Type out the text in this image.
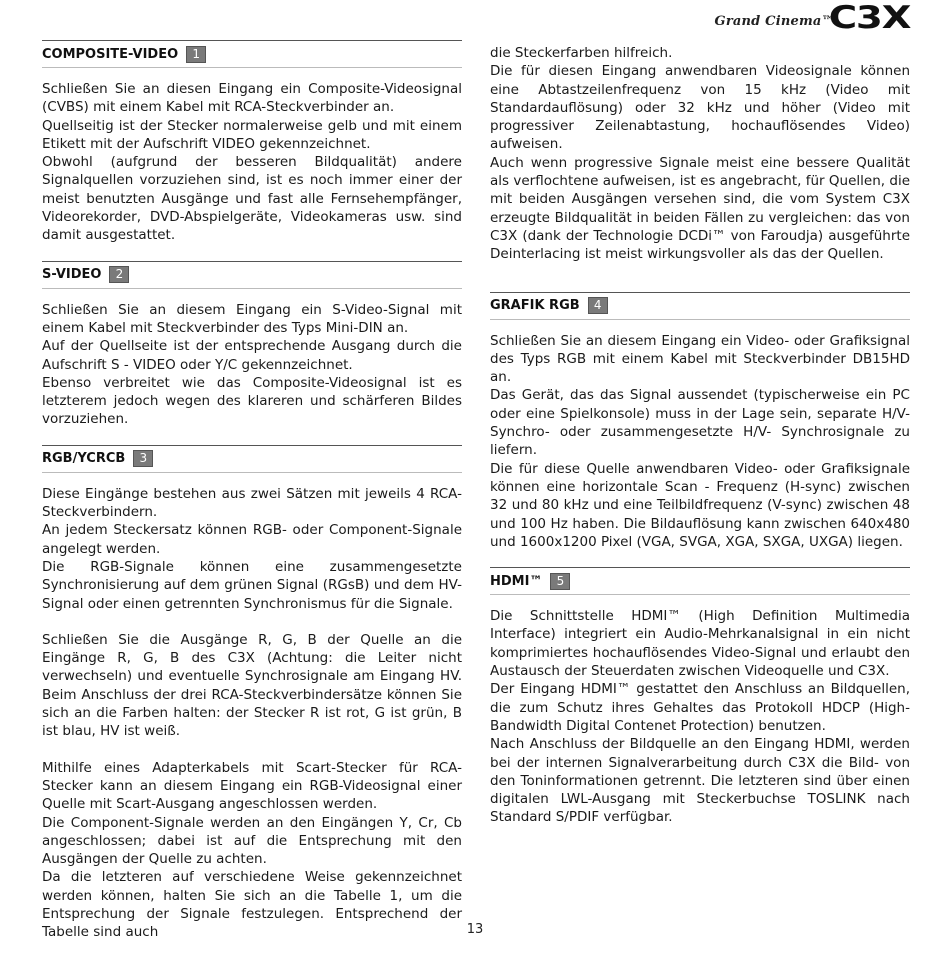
Grand Cinema™
C3X
COMPOSITE-VIDEO	1

Schließen Sie an diesen Eingang ein Composite-Videosignal (CVBS) mit einem Kabel mit RCA-Steckverbinder an.

Quellseitig ist der Stecker normalerweise gelb und mit einem Etikett mit der Aufschrift VIDEO gekennzeichnet.

Obwohl (aufgrund der besseren Bildqualität) andere Signalquellen vorzuziehen sind, ist es noch immer einer der meist benutzten Ausgänge und fast alle Fernsehempfänger, Videorekorder, DVD-Abspielgeräte, Videokameras usw. sind damit ausgestattet.

S-VIDEO	2

Schließen Sie an diesem Eingang ein S-Video-Signal mit einem Kabel mit Steckverbinder des Typs Mini-DIN an.

Auf der Quellseite ist der entsprechende Ausgang durch die Aufschrift S - VIDEO oder Y/C gekennzeichnet.

Ebenso verbreitet wie das Composite-Videosignal ist es letzterem jedoch wegen des klareren und schärferen Bildes vorzuziehen.

RGB/YCRCB	3

Diese Eingänge bestehen aus zwei Sätzen mit jeweils 4 RCA-Steckverbindern.

An jedem Steckersatz können RGB- oder Component-Signale angelegt werden.

Die RGB-Signale können eine zusammengesetzte Synchronisierung auf dem grünen Signal (RGsB) und dem HV-Signal oder einen getrennten Synchronismus für die Signale.

Schließen Sie die Ausgänge R, G, B der Quelle an die Eingänge R, G, B des C3X (Achtung: die Leiter nicht verwechseln) und eventuelle Synchrosignale am Eingang HV. Beim Anschluss der drei RCA-Steckverbindersätze können Sie sich an die Farben halten: der Stecker R ist rot, G ist grün, B ist blau, HV ist weiß.

Mithilfe eines Adapterkabels mit Scart-Stecker für RCA- Stecker kann an diesem Eingang ein RGB-Videosignal einer Quelle mit Scart-Ausgang angeschlossen werden.

Die Component-Signale werden an den Eingängen Y, Cr, Cb angeschlossen; dabei ist auf die Entsprechung mit den Ausgängen der Quelle zu achten.

Da die letzteren auf verschiedene Weise gekennzeichnet werden können, halten Sie sich an die Tabelle 1, um die Entsprechung der Signale festzulegen. Entsprechend der Tabelle sind auch

die Steckerfarben hilfreich.

Die für diesen Eingang anwendbaren Videosignale können eine Abtastzeilenfrequenz von 15 kHz (Video mit Standardauflösung) oder 32 kHz und höher (Video mit progressiver Zeilenabtastung, hochauflösendes Video) aufweisen.

Auch wenn progressive Signale meist eine bessere Qualität als verflochtene aufweisen, ist es angebracht, für Quellen, die mit beiden Ausgängen versehen sind, die vom System C3X erzeugte Bildqualität in beiden Fällen zu vergleichen: das von C3X (dank der Technologie DCDi™ von Faroudja) ausgeführte Deinterlacing ist meist wirkungsvoller als das der Quellen.

GRAFIK RGB	4

Schließen Sie an diesem Eingang ein Video- oder Grafiksignal des Typs RGB mit einem Kabel mit Steckverbinder DB15HD an.

Das Gerät, das das Signal aussendet (typischerweise ein PC oder eine Spielkonsole) muss in der Lage sein, separate H/V-Synchro- oder zusammengesetzte H/V- Synchrosignale zu liefern.

Die für diese Quelle anwendbaren Video- oder Grafiksignale können eine horizontale Scan - Frequenz (H-sync) zwischen 32 und 80 kHz und eine Teilbildfrequenz (V-sync) zwischen 48 und 100 Hz haben. Die Bildauflösung kann zwischen 640x480 und 1600x1200 Pixel (VGA, SVGA, XGA, SXGA, UXGA) liegen.

HDMI™	5

Die Schnittstelle HDMI™ (High Definition Multimedia Interface) integriert ein Audio-Mehrkanalsignal in ein nicht komprimiertes hochauflösendes Video-Signal und erlaubt den Austausch der Steuerdaten zwischen Videoquelle und C3X.

Der Eingang HDMI™ gestattet den Anschluss an Bildquellen, die zum Schutz ihres Gehaltes das Protokoll HDCP (High-Bandwidth Digital Contenet Protection) benutzen.

Nach Anschluss der Bildquelle an den Eingang HDMI, werden bei der internen Signalverarbeitung durch C3X die Bild- von den Toninformationen getrennt. Die letzteren sind über einen digitalen LWL-Ausgang mit Steckerbuchse TOSLINK nach Standard S/PDIF verfügbar.

13
